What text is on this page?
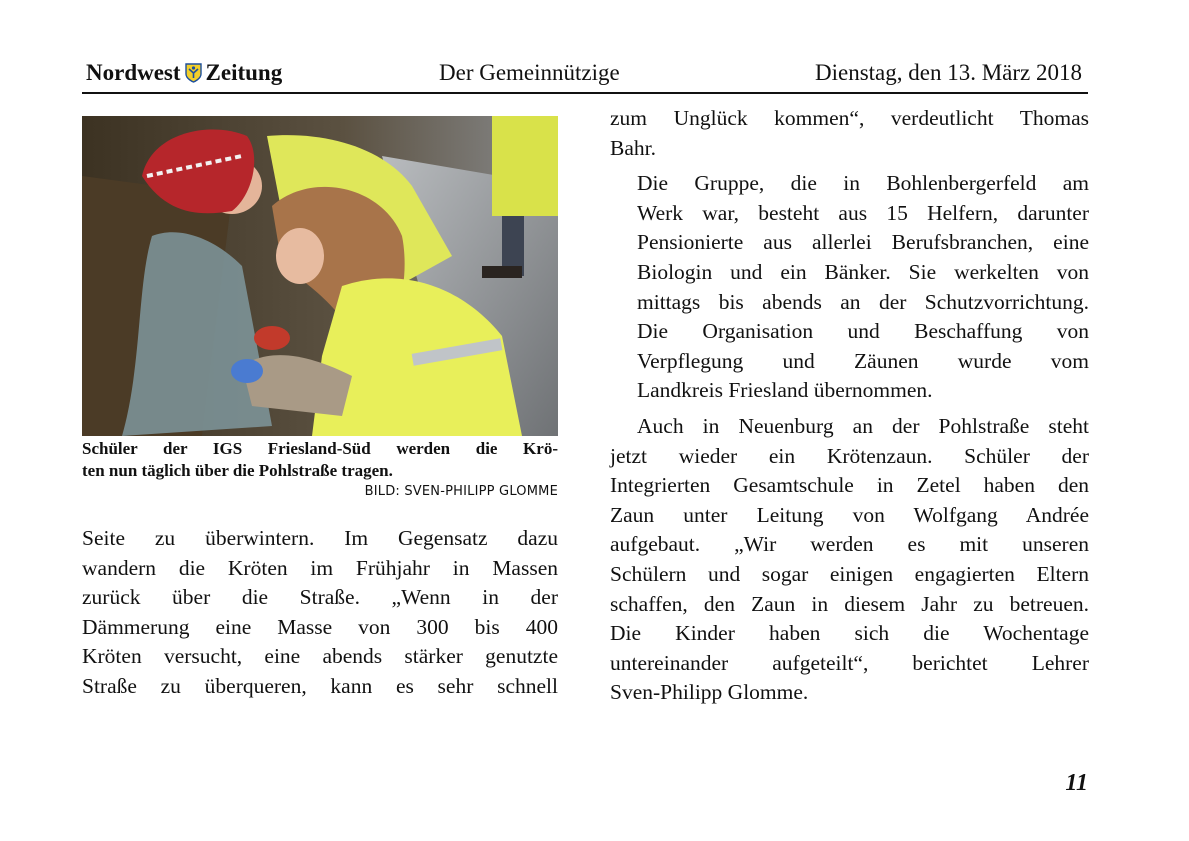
Nordwest Zeitung	Der Gemeinnützige	Dienstag, den 13. März 2018
Schüler der IGS Friesland-Süd werden die Krö-
ten nun täglich über die Pohlstraße tragen.
BILD: SVEN-PHILIPP GLOMME

Seite zu überwintern. Im Gegensatz dazu
wandern die Kröten im Frühjahr in Massen
zurück über die Straße. „Wenn in der
Dämmerung eine Masse von 300 bis 400
Kröten versucht, eine abends stärker genutzte
Straße zu überqueren, kann es sehr schnell

zum Unglück kommen“, verdeutlicht Thomas
Bahr.

Die Gruppe, die in Bohlenbergerfeld am
Werk war, besteht aus 15 Helfern, darunter
Pensionierte aus allerlei Berufsbranchen, eine
Biologin und ein Bänker. Sie werkelten von
mittags bis abends an der Schutzvorrichtung.
Die Organisation und Beschaffung von
Verpflegung und Zäunen wurde vom
Landkreis Friesland übernommen.

Auch in Neuenburg an der Pohlstraße steht
jetzt wieder ein Krötenzaun. Schüler der
Integrierten Gesamtschule in Zetel haben den
Zaun unter Leitung von Wolfgang Andrée
aufgebaut. „Wir werden es mit unseren
Schülern und sogar einigen engagierten Eltern
schaffen, den Zaun in diesem Jahr zu betreuen.
Die Kinder haben sich die Wochentage
untereinander aufgeteilt“, berichtet Lehrer
Sven-Philipp Glomme.

11
